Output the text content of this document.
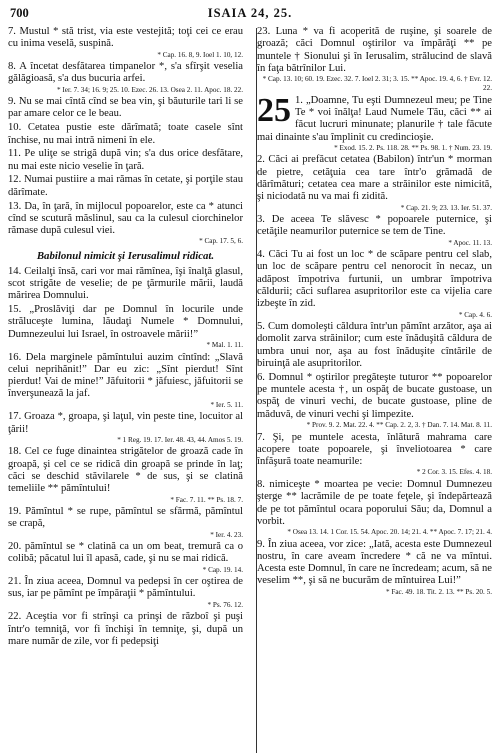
700	ISAIA 24, 25.

7. Mustul * stă trist, via este vestejită; toţi cei ce erau cu inima veselă, suspină.
* Cap. 16. 8, 9. Ioel 1. 10, 12.

8. A încetat desfătarea timpanelor *, s'a sfîrşit veselia gălăgioasă, s'a dus bucuria arfei.
* Ier. 7. 34; 16. 9; 25. 10. Ezec. 26. 13. Osea 2. 11. Apoc. 18. 22.

9. Nu se mai cîntă cînd se bea vin, şi băuturile tari li se par amare celor ce le beau.

10. Cetatea pustie este dărîmată; toate casele sînt închise, nu mai intră nimeni în ele.

11. Pe uliţe se strigă după vin; s'a dus orice desfătare, nu mai este nicio veselie în ţară.

12. Numai pustiire a mai rămas în cetate, şi porţile stau dărîmate.

13. Da, în ţară, în mijlocul popoarelor, este ca * atunci cînd se scutură măslinul, sau ca la culesul ciorchinelor rămase după culesul viei.
* Cap. 17. 5, 6.

Babilonul nimicit şi Ierusalimul ridicat.

14. Ceilalţi însă, cari vor mai rămînea, îşi înalţă glasul, scot strigăte de veselie; de pe ţărmurile mării, laudă mărirea Domnului.

15. „Proslăviţi dar pe Domnul în locurile unde străluceşte lumina, lăudaţi Numele * Domnului, Dumnezeului lui Israel, în ostroavele mării!”
* Mal. 1. 11.

16. Dela marginele pămîntului auzim cîntînd: „Slavă celui neprihănit!” Dar eu zic: „Sînt pierdut! Sînt pierdut! Vai de mine!” Jăfuitorii * jăfuiesc, jăfuitorii se înverşunează la jaf.
* Ier. 5. 11.

17. Groaza *, groapa, şi laţul, vin peste tine, locuitor al ţării!
* 1 Reg. 19. 17. Ier. 48. 43, 44. Amos 5. 19.

18. Cel ce fuge dinaintea strigătelor de groază cade în groapă, şi cel ce se ridică din groapă se prinde în laţ; căci se deschid stăvilarele * de sus, şi se clatină temeliile ** pămîntului!
* Fac. 7. 11. ** Ps. 18. 7.

19. Pămîntul * se rupe, pămîntul se sfărmă, pămîntul se crapă,
* Ier. 4. 23.

20. pămîntul se * clatină ca un om beat, tremură ca o colibă; păcatul lui îl apasă, cade, şi nu se mai ridică.
* Cap. 19. 14.

21. În ziua aceea, Domnul va pedepsi în cer oştirea de sus, iar pe pămînt pe împăraţii * pămîntului.
* Ps. 76. 12.

22. Aceştia vor fi strînşi ca prinşi de războî şi puşi într'o temniţă, vor fi închişi în temniţe, şi, după un mare număr de zile, vor fi pedepsiţi

23. Luna * va fi acoperită de ruşine, şi soarele de groază; căci Domnul oştirilor va împărăţi ** pe muntele † Sionului şi în Ierusalim, strălucind de slavă în faţa bătrînilor Lui.
* Cap. 13. 10; 60. 19. Ezec. 32. 7. Ioel 2. 31; 3. 15. ** Apoc. 19. 4, 6. † Evr. 12. 22.

25 1. „Doamne, Tu eşti Dumnezeul meu; pe Tine Te * voi înălţa! Laud Numele Tău, căci ** ai făcut lucruri minunate; planurile † tale făcute mai dinainte s'au împlinit cu credincioşie.
* Exod. 15. 2. Ps. 118. 28. ** Ps. 98. 1. † Num. 23. 19.

2. Căci ai prefăcut cetatea (Babilon) într'un * morman de pietre, cetăţuia cea tare într'o grămadă de dărîmături; cetatea cea mare a străinilor este nimicită, şi niciodată nu va mai fi zidită.
* Cap. 21. 9; 23. 13. Ier. 51. 37.

3. De aceea Te slăvesc * popoarele puternice, şi cetăţile neamurilor puternice se tem de Tine.
* Apoc. 11. 13.

4. Căci Tu ai fost un loc * de scăpare pentru cel slab, un loc de scăpare pentru cel nenorocit în necaz, un adăpost împotriva furtunii, un umbrar împotriva căldurii; căci suflarea asupritorilor este ca vijelia care izbeşte în zid.
* Cap. 4. 6.

5. Cum domoleşti căldura într'un pămînt arzător, aşa ai domolit zarva străinilor; cum este înăduşită căldura de umbra unui nor, aşa au fost înăduşite cîntările de biruinţă ale asupritorilor.

6. Domnul * oştirilor pregăteşte tuturor ** popoarelor pe muntele acesta †, un ospăţ de bucate gustoase, un ospăţ de vinuri vechi, de bucate gustoase, pline de măduvă, de vinuri vechi şi limpezite.
* Prov. 9. 2. Mat. 22. 4. ** Cap. 2. 2, 3. † Dan. 7. 14. Mat. 8. 11.

7. Şi, pe muntele acesta, înlătură mahrama care acopere toate popoarele, şi înveliotoarea * care înfăşură toate neamurile:
* 2 Cor. 3. 15. Efes. 4. 18.

8. nimiceşte * moartea pe vecie: Domnul Dumnezeu şterge ** lacrămile de pe toate feţele, şi îndepărtează de pe tot pămîntul ocara poporului Său; da, Domnul a vorbit.
* Osea 13. 14. 1 Cor. 15. 54. Apoc. 20. 14; 21. 4. ** Apoc. 7. 17; 21. 4.

9. În ziua aceea, vor zice: „Iată, acesta este Dumnezeul nostru, în care aveam încredere * că ne va mîntui. Acesta este Domnul, în care ne încredeam; acum, să ne veselim **, şi să ne bucurăm de mîntuirea Lui!”
* Fac. 49. 18. Tit. 2. 13. ** Ps. 20. 5.
